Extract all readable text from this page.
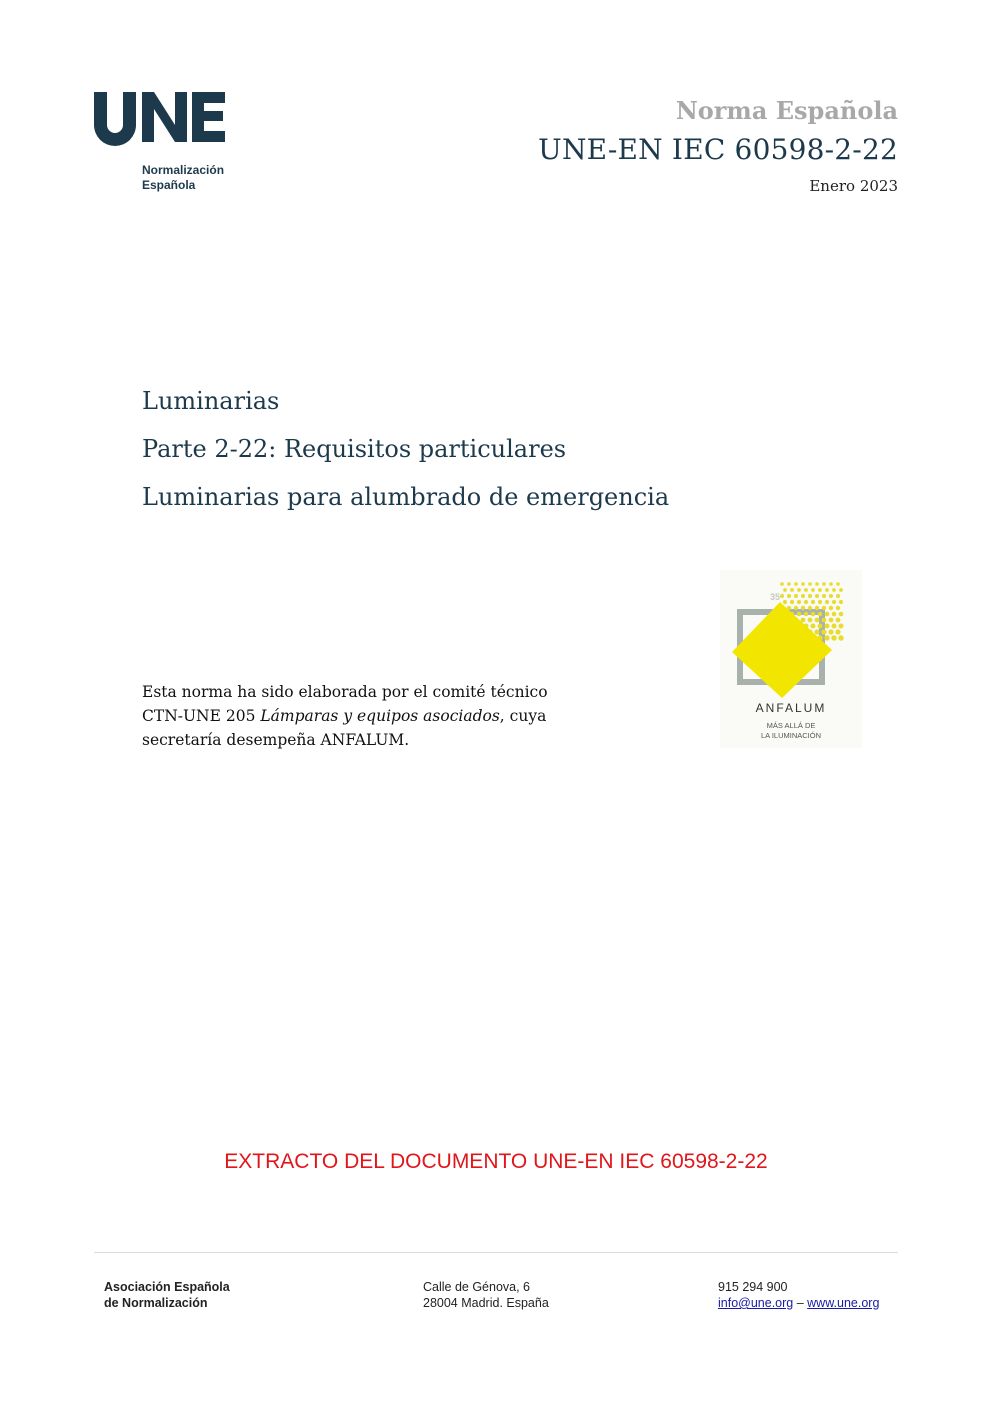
Normalización
Española
Norma Española
UNE-EN IEC 60598-2-22
Enero 2023
Luminarias
Parte 2-22: Requisitos particulares
Luminarias para alumbrado de emergencia
Esta norma ha sido elaborada por el comité técnico
CTN-UNE 205 Lámparas y equipos asociados, cuya
secretaría desempeña ANFALUM.
35
ANFALUM
MÁS ALLÁ DE
LA ILUMINACIÓN
EXTRACTO DEL DOCUMENTO UNE-EN IEC 60598-2-22
Asociación Española
de Normalización
Calle de Génova, 6
28004 Madrid. España
915 294 900
info@une.org – www.une.org
